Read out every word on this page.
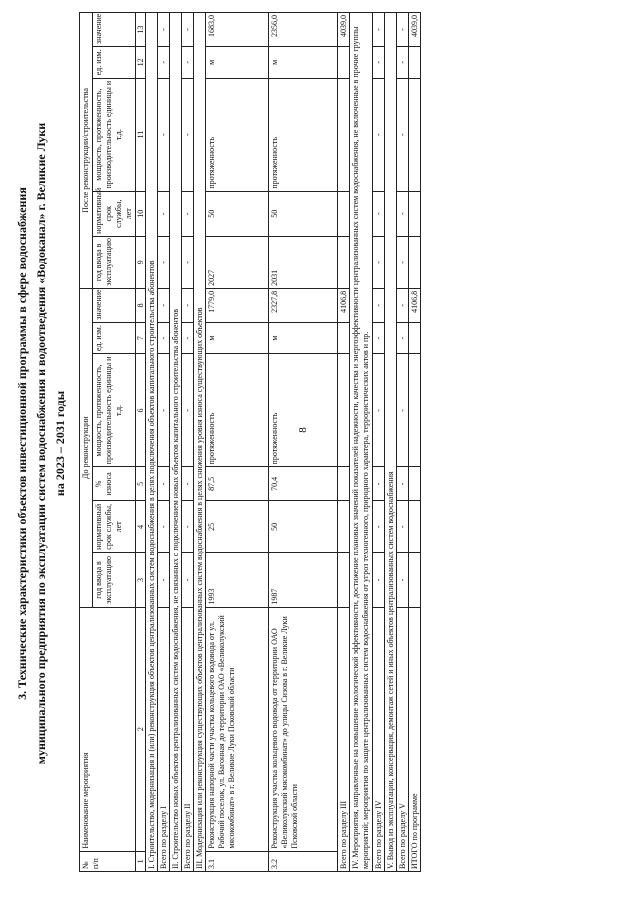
8
3. Технические характеристики объектов инвестиционной программы в сфере водоснабжения муниципального предприятия по эксплуатации систем водоснабжения и водоотведения «Водоканал» г. Великие Луки на 2023 – 2031 годы
№ п/п	Наименование мероприятия	До реконструкции						После реконструкции/строительства				
		год ввода в эксплуатацию	нормативный срок службы, лет	% износа	мощность, протяженность, производительность единицы и т.д.	ед. изм.	значение	год ввода в эксплуатацию	нормативный срок службы, лет	мощность, протяженность, производительность единицы и т.д.	ед. изм.	значение
1	2	3	4	5	6	7	8	9	10	11	12	13
I. Строительство, модернизация и (или) реконструкция объектов централизованных систем водоснабжения в целях подключения объектов капитального строительства абонентов												
Всего по разделу I		-	-	-	-	-	-	-	-	-	-	-
II. Строительство новых объектов централизованных систем водоснабжения, не связанных с подключением новых объектов капитального строительства абонентов												
Всего по разделу II		-	-	-	-	-	-	-	-	-	-	-
III. Модернизация или реконструкция существующих объектов централизованных систем водоснабжения в целях снижения уровня износа существующих объектов												
3.1	Реконструкция напорной части участка кольцевого водовода от ул. Рабочий поселок, ул. Вагонная до территории ОАО «Великолукский мясокомбинат» в г. Великие Луки Псковской области	1993	25	87,5	протяженность	м	1779,0	2027	50	протяженность	м	1683,0
3.2	Реконструкция участка кольцевого водовода от территории ОАО «Великолукский мясокомбинат» до улицы Сизова в г. Великие Луки Псковской области	1987	50	70,4	протяженность	м	2327,8	2031	50	протяженность	м	2356,0
Всего по разделу III							4106,8					4039,0
IV. Мероприятия, направленные на повышение экологической эффективности, достижение плановых значений показателей надежности, качества и энергоэффективности централизованных систем водоснабжения, не включенные в прочие группы мероприятий; мероприятия по защите централизованных систем водоснабжения от угроз техногенного, природного характера, террористических актов и пр.												
Всего по разделу IV		-	-	-	-	-	-	-	-	-	-	-
V. Вывод из эксплуатации, консервация, демонтаж сетей и иных объектов централизованных систем водоснабжения												
Всего по разделу V		-	-	-	-	-	-	-	-	-	-	-
ИТОГО по программе							4106,8					4039,0
